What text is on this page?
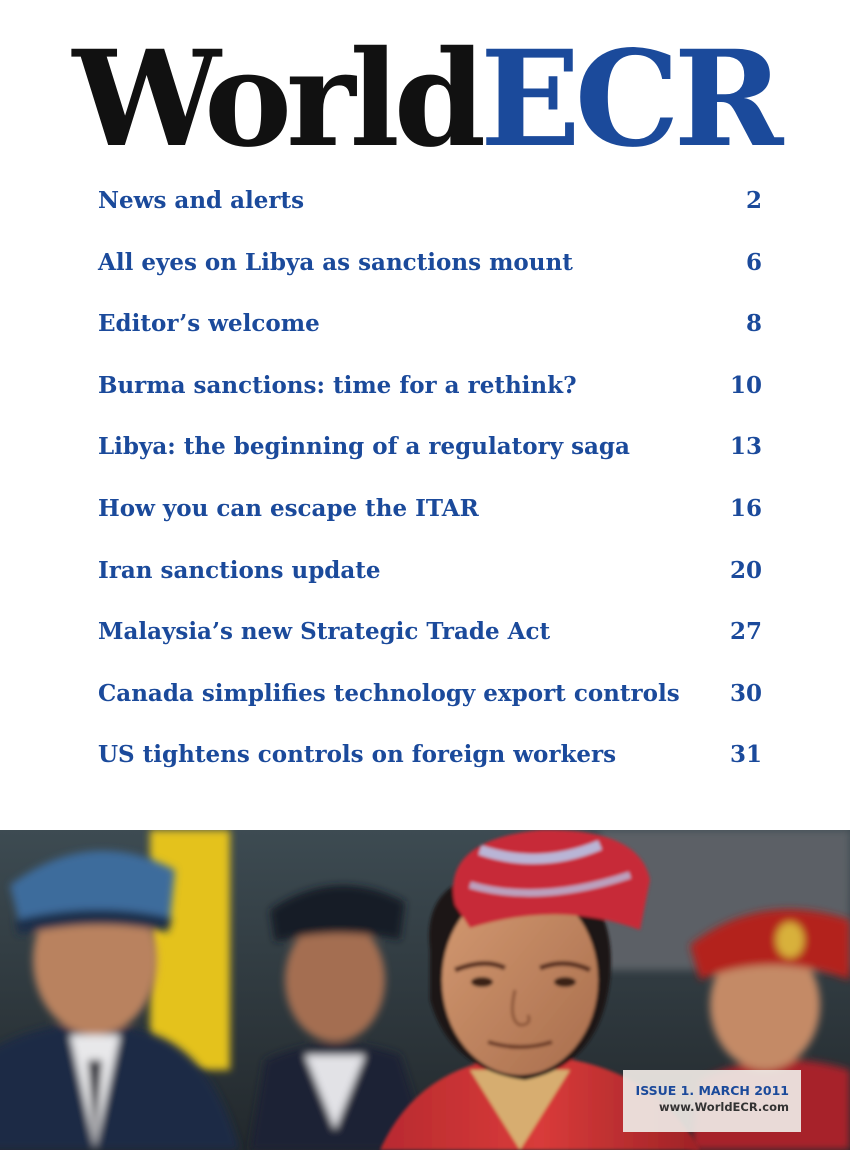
WorldECR
News and alerts	2
All eyes on Libya as sanctions mount	6
Editor’s welcome	8
Burma sanctions: time for a rethink?	10
Libya: the beginning of a regulatory saga	13
How you can escape the ITAR	16
Iran sanctions update	20
Malaysia’s new Strategic Trade Act	27
Canada simplifies technology export controls	30
US tightens controls on foreign workers	31
ISSUE 1. MARCH 2011
www.WorldECR.com
